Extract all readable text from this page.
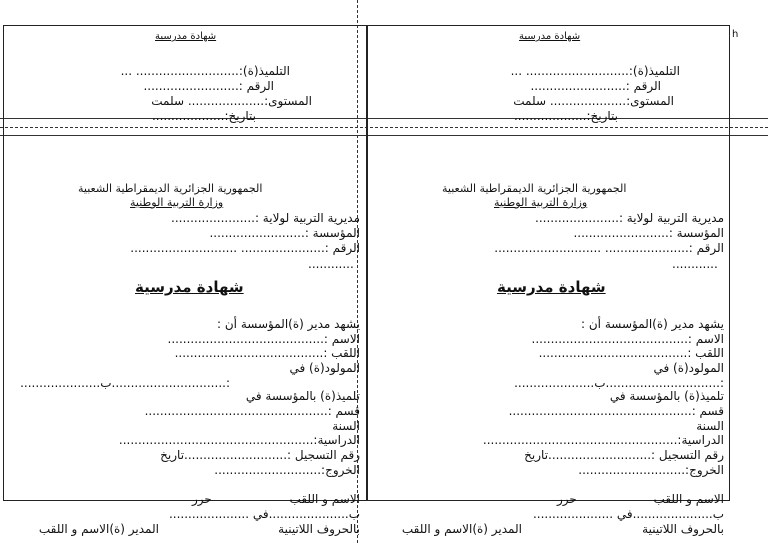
h
شهادة مدرسية
التلميذ(ة):........................... ...
الرقم :.........................
المستوى:.................... سلمت
بتاريخ:...................
الجمهورية الجزائرية الديمقراطية الشعبية
وزارة التربية الوطنية
مديرية التربية لولاية :......................
المؤسسة :.........................
الرقم :...................... ............................
............
شهادة مدرسية
يشهد مدير (ة)المؤسسة أن :
الاسم :.........................................
اللقب :.......................................
المولود(ة) في
:..............................ب.....................
تلميذ(ة) بالمؤسسة في
قسم :................................................
السنة
الدراسية:...................................................
رقم التسجيل :...........................تاريخ
الخروج:............................
الاسم و اللقب
حرر
ب.....................في .....................
بالحروف اللاتينية
المدير (ة)الاسم و اللقب
شهادة مدرسية
التلميذ(ة):........................... ...
الرقم :.........................
المستوى:.................... سلمت
بتاريخ:...................
الجمهورية الجزائرية الديمقراطية الشعبية
وزارة التربية الوطنية
مديرية التربية لولاية :......................
المؤسسة :.........................
الرقم :...................... ............................
............
شهادة مدرسية
يشهد مدير (ة)المؤسسة أن :
الاسم :.........................................
اللقب :.......................................
المولود(ة) في
:..............................ب.....................
تلميذ(ة) بالمؤسسة في
قسم :................................................
السنة
الدراسية:...................................................
رقم التسجيل :...........................تاريخ
الخروج:............................
الاسم و اللقب
حرر
ب.....................في .....................
بالحروف اللاتينية
المدير (ة)الاسم و اللقب
